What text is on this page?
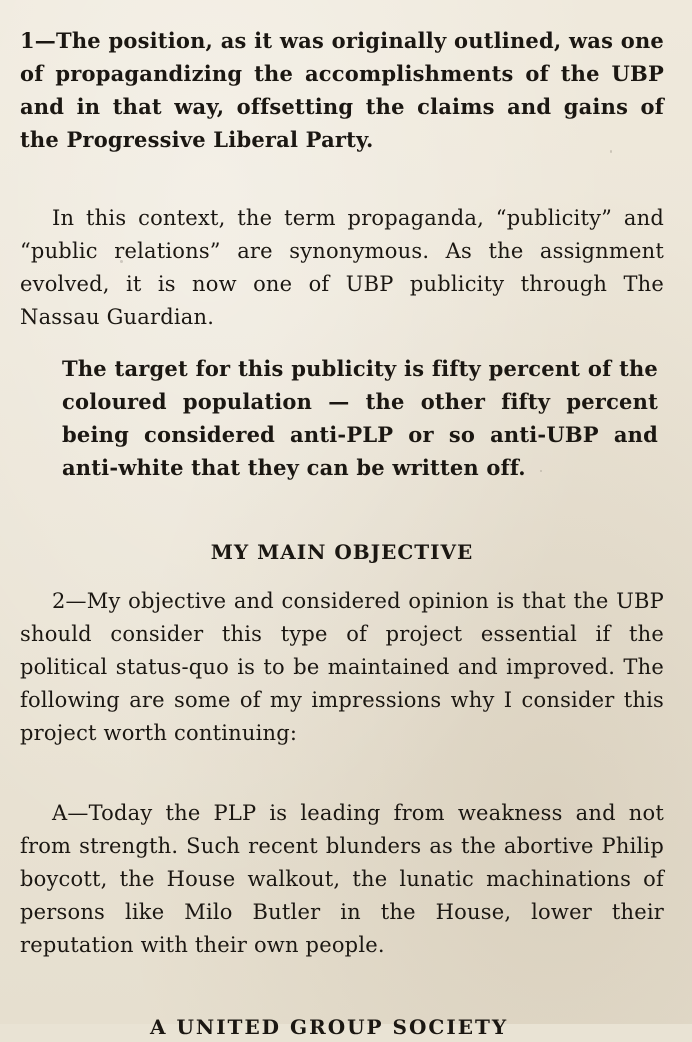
1—The position, as it was originally outlined, was one of propagandizing the accomplishments of the UBP and in that way, offsetting the claims and gains of the Progressive Liberal Party.

In this context, the term propaganda, “publicity” and “public relations” are synonymous. As the assignment evolved, it is now one of UBP publicity through The Nassau Guardian.

The target for this publicity is fifty percent of the coloured population — the other fifty percent being considered anti-PLP or so anti-UBP and anti-white that they can be written off.

MY MAIN OBJECTIVE

2—My objective and considered opinion is that the UBP should consider this type of project essential if the political status-quo is to be maintained and improved. The following are some of my impressions why I consider this project worth continuing:

A—Today the PLP is leading from weakness and not from strength. Such recent blunders as the abortive Philip boycott, the House walkout, the lunatic machinations of persons like Milo Butler in the House, lower their reputation with their own people.

A UNITED GROUP SOCIETY
